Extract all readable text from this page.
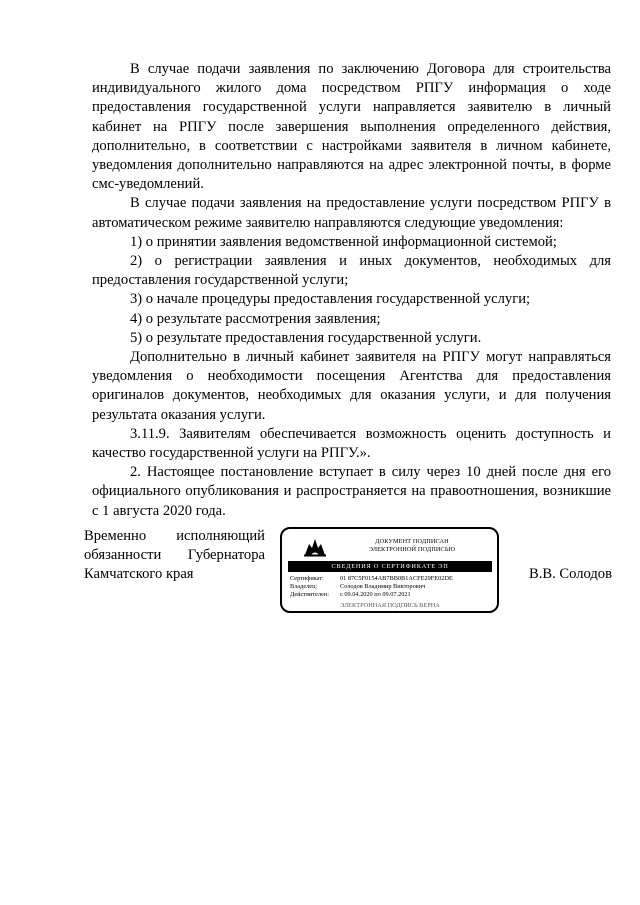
В случае подачи заявления по заключению Договора для строительства индивидуального жилого дома посредством РПГУ информация о ходе предоставления государственной услуги направляется заявителю в личный кабинет на РПГУ после завершения выполнения определенного действия, дополнительно, в соответствии с настройками заявителя в личном кабинете, уведомления дополнительно направляются на адрес электронной почты, в форме смс-уведомлений.

В случае подачи заявления на предоставление услуги посредством РПГУ в автоматическом режиме заявителю направляются следующие уведомления:

1) о принятии заявления ведомственной информационной системой;

2) о регистрации заявления и иных документов, необходимых для предоставления государственной услуги;

3) о начале процедуры предоставления государственной услуги;

4) о результате рассмотрения заявления;

5) о результате предоставления государственной услуги.

Дополнительно в личный кабинет заявителя на РПГУ могут направляться уведомления о необходимости посещения Агентства для предоставления оригиналов документов, необходимых для оказания услуги, и для получения результата оказания услуги.

3.11.9. Заявителям обеспечивается возможность оценить доступность и качество государственной услуги на РПГУ.».

2. Настоящее постановление вступает в силу через 10 дней после дня его официального опубликования и распространяется на правоотношения, возникшие с 1 августа 2020 года.

Временно исполняющий
обязанности Губернатора
Камчатского края
ДОКУМЕНТ ПОДПИСАН
ЭЛЕКТРОННОЙ ПОДПИСЬЮ
СВЕДЕНИЯ О СЕРТИФИКАТЕ ЭП
Сертификат:	01 87C5F0154AB7BB0B1ACFE29FE02DE
Владелец:	Солодов Владимир Викторович
Действителен:	с 09.04.2020 по 09.07.2021
ЭЛЕКТРОННАЯ ПОДПИСЬ ВЕРНА
В.В. Солодов
